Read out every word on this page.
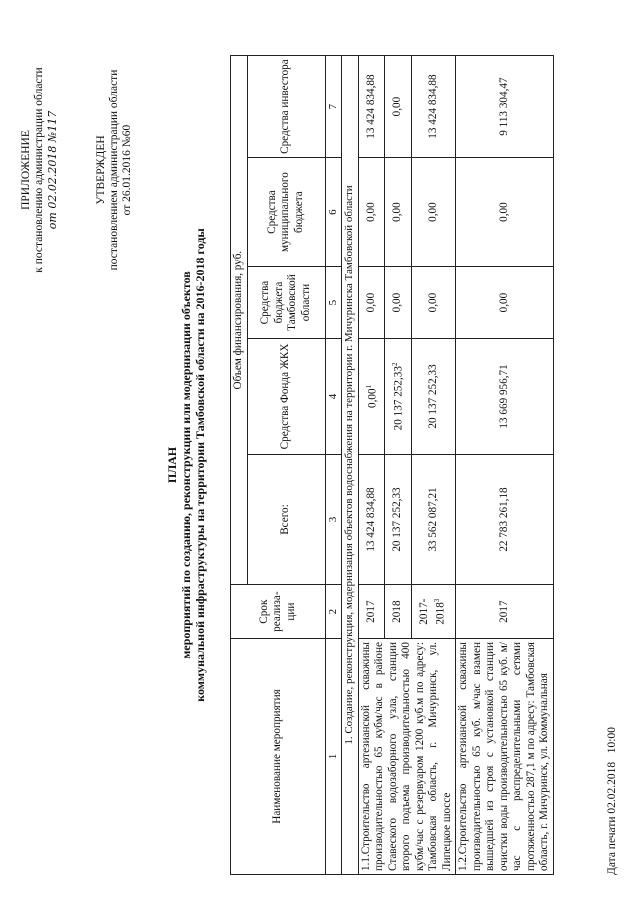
ПРИЛОЖЕНИЕ к постановлению администрации области от 02.02.2018 №117	УТВЕРЖДЕН постановлением администрации области от 26.01.2016 №60
ПЛАН мероприятий по созданию, реконструкции или модернизации объектов коммунальной инфраструктуры на территории Тамбовской области на 2016-2018 годы
Наименование мероприятия	Срок реализа-ции	Объем финансирования, руб.				
		Всего:	Средства Фонда ЖКХ	Средства бюджета Тамбовской области	Средства муниципального бюджета	Средства инвестора
1	2	3	4	5	6	7
1. Создание, реконструкция, модернизация объектов водоснабжения на территории г. Мичуринска Тамбовской области						
1.1.Строительство артезианской скважины производительностью 65 кубм/час в районе Ставеского водозаборного узла, станции второго подъема производительностью 400 кубм/час с резервуаром 1200 куб.м по адресу: Тамбовская область, г. Мичуринск, ул. Липецкое шоссе	2017	13 424 834,88	0,00$^1$	0,00	0,00	13 424 834,88
	2018	20 137 252,33	20 137 252,33$^2$	0,00	0,00	0,00
	2017-2018$^3$	33 562 087,21	20 137 252,33	0,00	0,00	13 424 834,88
1.2.Строительство артезианской скважины производительностью 65 куб. м/час взамен вышедшей из строя с установкой станции очистки воды производительностью 65 куб. м/час с распределительными сетями протяженностью 287,1 м по адресу: Тамбовская область, г. Мичуринск, ул. Коммунальная	2017	22 783 261,18	13 669 956,71	0,00	0,00	9 113 304,47
Дата печати 02.02.2018   10:00
